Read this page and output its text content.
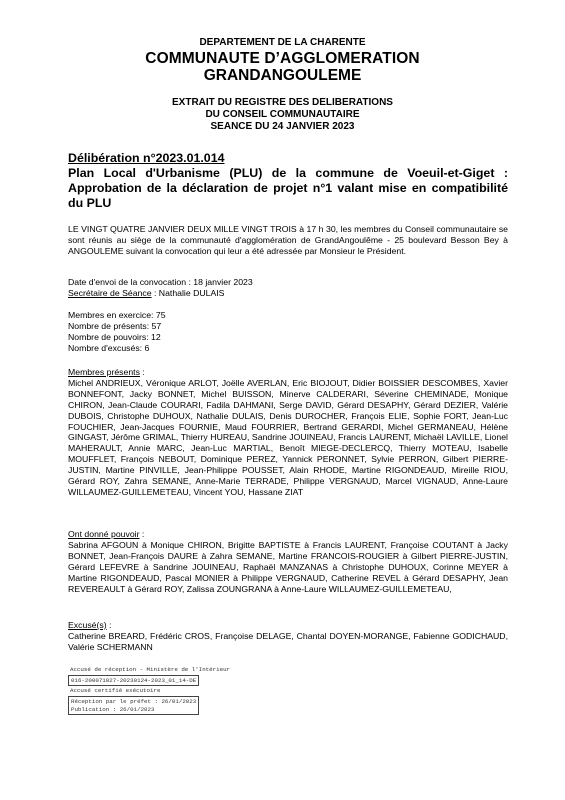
DEPARTEMENT DE LA CHARENTE
COMMUNAUTE D’AGGLOMERATION
GRANDANGOULEME
EXTRAIT DU REGISTRE DES DELIBERATIONS
DU CONSEIL COMMUNAUTAIRE
SEANCE DU 24 JANVIER 2023
Délibération n°2023.01.014
Plan Local d'Urbanisme (PLU) de la commune de Voeuil-et-Giget : Approbation de la déclaration de projet n°1 valant mise en compatibilité du PLU
LE VINGT QUATRE JANVIER DEUX MILLE VINGT TROIS à 17 h 30, les membres du Conseil communautaire se sont réunis au siège de la communauté d'agglomération de GrandAngoulême - 25 boulevard Besson Bey à ANGOULEME suivant la convocation qui leur a été adressée par Monsieur le Président.
Date d'envoi de la convocation : 18 janvier 2023
Secrétaire de Séance : Nathalie DULAIS
Membres en exercice: 75
Nombre de présents: 57
Nombre de pouvoirs: 12
Nombre d'excusés: 6
Membres présents :
Michel ANDRIEUX, Véronique ARLOT, Joëlle AVERLAN, Eric BIOJOUT, Didier BOISSIER DESCOMBES, Xavier BONNEFONT, Jacky BONNET, Michel BUISSON, Minerve CALDERARI, Séverine CHEMINADE, Monique CHIRON, Jean-Claude COURARI, Fadila DAHMANI, Serge DAVID, Gérard DESAPHY, Gérard DEZIER, Valérie DUBOIS, Christophe DUHOUX, Nathalie DULAIS, Denis DUROCHER, François ELIE, Sophie FORT, Jean-Luc FOUCHIER, Jean-Jacques FOURNIE, Maud FOURRIER, Bertrand GERARDI, Michel GERMANEAU, Hélène GINGAST, Jérôme GRIMAL, Thierry HUREAU, Sandrine JOUINEAU, Francis LAURENT, Michaël LAVILLE, Lionel MAHERAULT, Annie MARC, Jean-Luc MARTIAL, Benoît MIEGE-DECLERCQ, Thierry MOTEAU, Isabelle MOUFFLET, François NEBOUT, Dominique PEREZ, Yannick PERONNET, Sylvie PERRON, Gilbert PIERRE-JUSTIN, Martine PINVILLE, Jean-Philippe POUSSET, Alain RHODE, Martine RIGONDEAUD, Mireille RIOU, Gérard ROY, Zahra SEMANE, Anne-Marie TERRADE, Philippe VERGNAUD, Marcel VIGNAUD, Anne-Laure WILLAUMEZ-GUILLEMETEAU, Vincent YOU, Hassane ZIAT
Ont donné pouvoir :
Sabrina AFGOUN à Monique CHIRON, Brigitte BAPTISTE à Francis LAURENT, Françoise COUTANT à Jacky BONNET, Jean-François DAURE à Zahra SEMANE, Martine FRANCOIS-ROUGIER à Gilbert PIERRE-JUSTIN, Gérard LEFEVRE à Sandrine JOUINEAU, Raphaël MANZANAS à Christophe DUHOUX, Corinne MEYER à Martine RIGONDEAUD, Pascal MONIER à Philippe VERGNAUD, Catherine REVEL à Gérard DESAPHY, Jean REVEREAULT à Gérard ROY, Zalissa ZOUNGRANA à Anne-Laure WILLAUMEZ-GUILLEMETEAU,
Excusé(s) :
Catherine BREARD, Frédéric CROS, Françoise DELAGE, Chantal DOYEN-MORANGE, Fabienne GODICHAUD, Valérie SCHERMANN
Accusé de réception - Ministère de l'Intérieur
016-200071827-20230124-2023_01_14-DE
Accusé certifié exécutoire
Réception par le préfet : 26/01/2023
Publication : 26/01/2023
